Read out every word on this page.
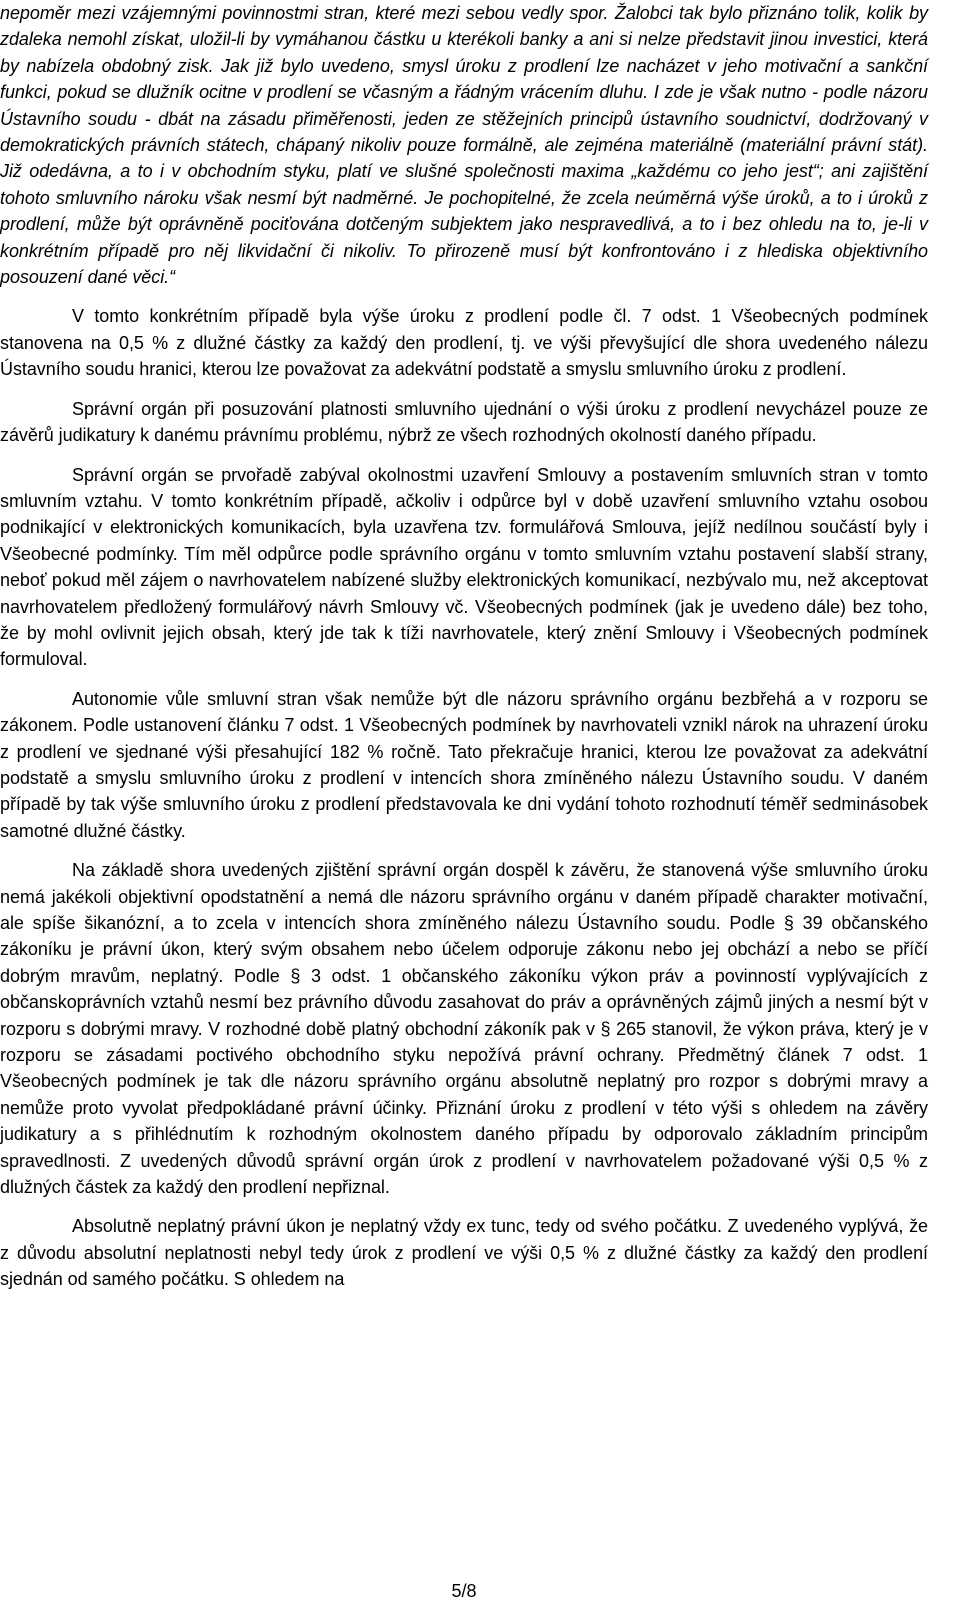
nepoměr mezi vzájemnými povinnostmi stran, které mezi sebou vedly spor. Žalobci tak bylo přiznáno tolik, kolik by zdaleka nemohl získat, uložil-li by vymáhanou částku u kterékoli banky a ani si nelze představit jinou investici, která by nabízela obdobný zisk. Jak již bylo uvedeno, smysl úroku z prodlení lze nacházet v jeho motivační a sankční funkci, pokud se dlužník ocitne v prodlení se včasným a řádným vrácením dluhu. I zde je však nutno - podle názoru Ústavního soudu - dbát na zásadu přiměřenosti, jeden ze stěžejních principů ústavního soudnictví, dodržovaný v demokratických právních státech, chápaný nikoliv pouze formálně, ale zejména materiálně (materiální právní stát). Již odedávna, a to i v obchodním styku, platí ve slušné společnosti maxima „každému co jeho jest“; ani zajištění tohoto smluvního nároku však nesmí být nadměrné. Je pochopitelné, že zcela neúměrná výše úroků, a to i úroků z prodlení, může být oprávněně pociťována dotčeným subjektem jako nespravedlivá, a to i bez ohledu na to, je-li v konkrétním případě pro něj likvidační či nikoliv. To přirozeně musí být konfrontováno i z hlediska objektivního posouzení dané věci.“

V tomto konkrétním případě byla výše úroku z prodlení podle čl. 7 odst. 1 Všeobecných podmínek stanovena na 0,5 % z dlužné částky za každý den prodlení, tj. ve výši převyšující dle shora uvedeného nálezu Ústavního soudu hranici, kterou lze považovat za adekvátní podstatě a smyslu smluvního úroku z prodlení.

Správní orgán při posuzování platnosti smluvního ujednání o výši úroku z prodlení nevycházel pouze ze závěrů judikatury k danému právnímu problému, nýbrž ze všech rozhodných okolností daného případu.

Správní orgán se prvořadě zabýval okolnostmi uzavření Smlouvy a postavením smluvních stran v tomto smluvním vztahu. V tomto konkrétním případě, ačkoliv i odpůrce byl v době uzavření smluvního vztahu osobou podnikající v elektronických komunikacích, byla uzavřena tzv. formulářová Smlouva, jejíž nedílnou součástí byly i Všeobecné podmínky. Tím měl odpůrce podle správního orgánu v tomto smluvním vztahu postavení slabší strany, neboť pokud měl zájem o navrhovatelem nabízené služby elektronických komunikací, nezbývalo mu, než akceptovat navrhovatelem předložený formulářový návrh Smlouvy vč. Všeobecných podmínek (jak je uvedeno dále) bez toho, že by mohl ovlivnit jejich obsah, který jde tak k tíži navrhovatele, který znění Smlouvy i Všeobecných podmínek formuloval.

Autonomie vůle smluvní stran však nemůže být dle názoru správního orgánu bezbřehá a v rozporu se zákonem. Podle ustanovení článku 7 odst. 1 Všeobecných podmínek by navrhovateli vznikl nárok na uhrazení úroku z prodlení ve sjednané výši přesahující 182 % ročně. Tato překračuje hranici, kterou lze považovat za adekvátní podstatě a smyslu smluvního úroku z prodlení v intencích shora zmíněného nálezu Ústavního soudu. V daném případě by tak výše smluvního úroku z prodlení představovala ke dni vydání tohoto rozhodnutí téměř sedminásobek samotné dlužné částky.

Na základě shora uvedených zjištění správní orgán dospěl k závěru, že stanovená výše smluvního úroku nemá jakékoli objektivní opodstatnění a nemá dle názoru správního orgánu v daném případě charakter motivační, ale spíše šikanózní, a to zcela v intencích shora zmíněného nálezu Ústavního soudu. Podle § 39 občanského zákoníku je právní úkon, který svým obsahem nebo účelem odporuje zákonu nebo jej obchází a nebo se příčí dobrým mravům, neplatný. Podle § 3 odst. 1 občanského zákoníku výkon práv a povinností vyplývajících z občanskoprávních vztahů nesmí bez právního důvodu zasahovat do práv a oprávněných zájmů jiných a nesmí být v rozporu s dobrými mravy. V rozhodné době platný obchodní zákoník pak v § 265 stanovil, že výkon práva, který je v rozporu se zásadami poctivého obchodního styku nepožívá právní ochrany. Předmětný článek 7 odst. 1 Všeobecných podmínek je tak dle názoru správního orgánu absolutně neplatný pro rozpor s dobrými mravy a nemůže proto vyvolat předpokládané právní účinky. Přiznání úroku z prodlení v této výši s ohledem na závěry judikatury a s přihlédnutím k rozhodným okolnostem daného případu by odporovalo základním principům spravedlnosti. Z uvedených důvodů správní orgán úrok z prodlení v navrhovatelem požadované výši 0,5 % z dlužných částek za každý den prodlení nepřiznal.

Absolutně neplatný právní úkon je neplatný vždy ex tunc, tedy od svého počátku. Z uvedeného vyplývá, že z důvodu absolutní neplatnosti nebyl tedy úrok z prodlení ve výši 0,5 % z dlužné částky za každý den prodlení sjednán od samého počátku. S ohledem na

5/8
